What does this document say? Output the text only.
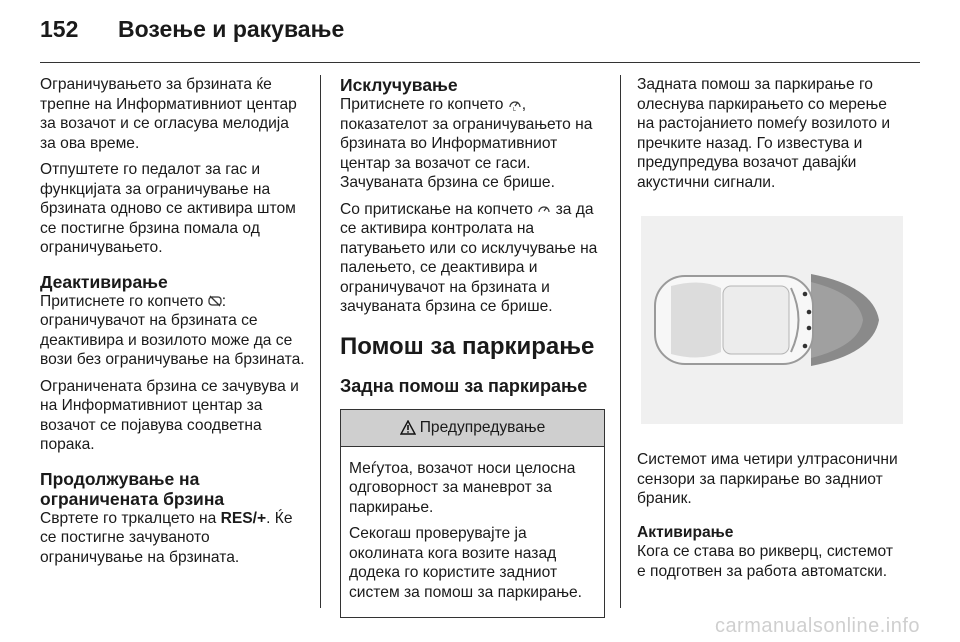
152 Возење и ракување

Ограничувањето за брзината ќе трепне на Информативниот центар за возачот и се огласува мелодија за ова време.

Отпуштете го педалот за гас и функцијата за ограничување на брзината одново се активира штом се постигне брзина помала од ограничувањето.

Деактивирање

Притиснете го копчето : ограничувачот на брзината се деактивира и возилото може да се вози без ограничување на брзината.

Ограничената брзина се зачувува и на Информативниот центар за возачот се појавува соодветна порака.

Продолжување на ограничената брзина

Свртете го тркалцето на RES/+. Ќе се постигне зачуваното ограничување на брзината.

Исклучување

Притиснете го копчето L , показателот за ограничувањето на брзината во Информативниот центар за возачот се гаси. Зачуваната брзина се брише.

Со притискање на копчето  за да се активира контролата на патувањето или со исклучување на палењето, се деактивира и ограничувачот на брзината и зачуваната брзина се брише.

Помош за паркирање
Задна помош за паркирање
Предупредување

Меѓутоа, возачот носи целосна одговорност за маневрот за паркирање.

Секогаш проверувајте ја околината кога возите назад додека го користите задниот систем за помош за паркирање.

Задната помош за паркирање го олеснува паркирањето со мерење на растојанието помеѓу возилото и пречките назад. Го известува и предупредува возачот давајќи акустични сигнали.

Системот има четири ултрасонични сензори за паркирање во задниот браник.

Активирање

Кога се става во рикверц, системот е подготвен за работа автоматски.

carmanualsonline.info
